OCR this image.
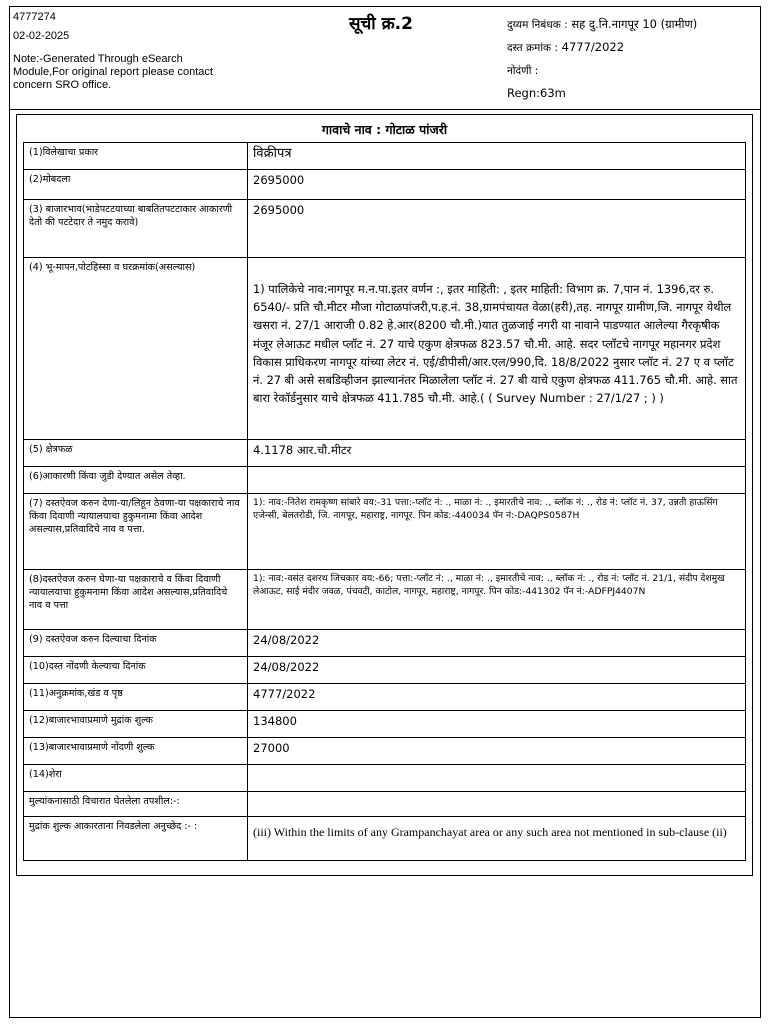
4777274
02-02-2025
Note:-Generated Through eSearch
Module,For original report please contact
concern SRO office.
सूची क्र.2	दुय्यम निबंधक : सह दु.नि.नागपूर 10 (ग्रामीण)
दस्त क्रमांक : 4777/2022
नोदंणी :
Regn:63m
गावाचे नाव : गोटाळ पांजरी
(1)विलेखाचा प्रकार	विक्रीपत्र
(2)मोबदला	2695000
(3) बाजारभाव(भाडेपटटयाच्या बाबतितपटटाकार आकारणी देतो की पटटेदार ते नमुद करावे)	2695000
(4) भू-मापन,पोटहिस्सा व घरक्रमांक(असल्यास)	1) पालिकेचे नाव:नागपूर म.न.पा.इतर वर्णन :, इतर माहिती: , इतर माहिती: विभाग क्र. 7,पान नं. 1396,दर रु. 6540/- प्रति चौ.मीटर मौजा गोटाळपांजरी,प.ह.नं. 38,ग्रामपंचायत वेळा(हरी),तह. नागपूर ग्रामीण,जि. नागपूर येथील खसरा नं. 27/1 आराजी 0.82 हे.आर(8200 चौ.मी.)यात तुळजाई नगरी या नावाने पाडण्यात आलेल्या गैरकृषीक मंजूर लेआऊट मधील प्लॉट नं. 27 याचे एकुण क्षेत्रफळ 823.57 चौ.मी. आहे. सदर प्लॉटचे नागपूर महानगर प्रदेश विकास प्राधिकरण नागपूर यांच्या लेटर नं. एई/डीपीसी/आर.एल/990,दि. 18/8/2022 नुसार प्लॉट नं. 27 ए व प्लॉट नं. 27 बी असे सबडिव्हीजन झाल्यानंतर मिळालेला प्लॉट नं. 27 बी याचे एकुण क्षेत्रफळ 411.765 चौ.मी. आहे. सात बारा रेकॉर्डनुसार याचे क्षेत्रफळ 411.785 चौ.मी. आहे.( ( Survey Number : 27/1/27 ; ) )
(5) क्षेत्रफळ	4.1178 आर.चौ.मीटर
(6)आकारणी किंवा जुडी देण्यात असेल तेव्हा.	
(7) दस्तऐवज करुन देणा-या/लिहून ठेवणा-या पक्षकाराचे नाव किंवा दिवाणी न्यायालयाचा हुकुमनामा किंवा आदेश असल्यास,प्रतिवादिचे नाव व पत्ता.	1): नाव:-नितेश रामकृष्ण सांबारे वय:-31 पत्ता:-प्लॉट नं: ., माळा नं: ., इमारतीचे नाव: ., ब्लॉक नं: ., रोड नं: प्लॉट नं. 37, उन्नती हाऊसिंग एजेन्सी, बेलतरोडी, जि. नागपूर, महाराष्ट्र, नागपूर. पिन कोड:-440034 पॅन नं:-DAQPS0587H
(8)दस्तऐवज करुन घेणा-या पक्षकाराचे व किंवा दिवाणी न्यायालयाचा हुकुमनामा किंवा आदेश असल्यास,प्रतिवादिचे नाव व पत्ता	1): नाव:-वसंत दशरथ जिचकार वय:-66; पत्ता:-प्लॉट नं: ., माळा नं: ., इमारतीचे नाव: ., ब्लॉक नं: ., रोड नं: प्लॉट नं. 21/1, संदीप देशमुख लेआऊट, साई मंदीर जवळ, पंचवटी, काटोल, नागपूर, महाराष्ट्र, नागपूर. पिन कोड:-441302 पॅन नं:-ADFPJ4407N
(9) दस्तऐवज करुन दिल्याचा दिनांक	24/08/2022
(10)दस्त नोंदणी केल्याचा दिनांक	24/08/2022
(11)अनुक्रमांक,खंड व पृष्ठ	4777/2022
(12)बाजारभावाप्रमाणे मुद्रांक शुल्क	134800
(13)बाजारभावाप्रमाणे नोंदणी शुल्क	27000
(14)शेरा	
मुल्यांकनासाठी विचारात घेतलेला तपशील:-:	
मुद्रांक शुल्क आकारताना निवडलेला अनुच्छेद :- :	(iii) Within the limits of any Grampanchayat area or any such area not mentioned in sub-clause (ii)
